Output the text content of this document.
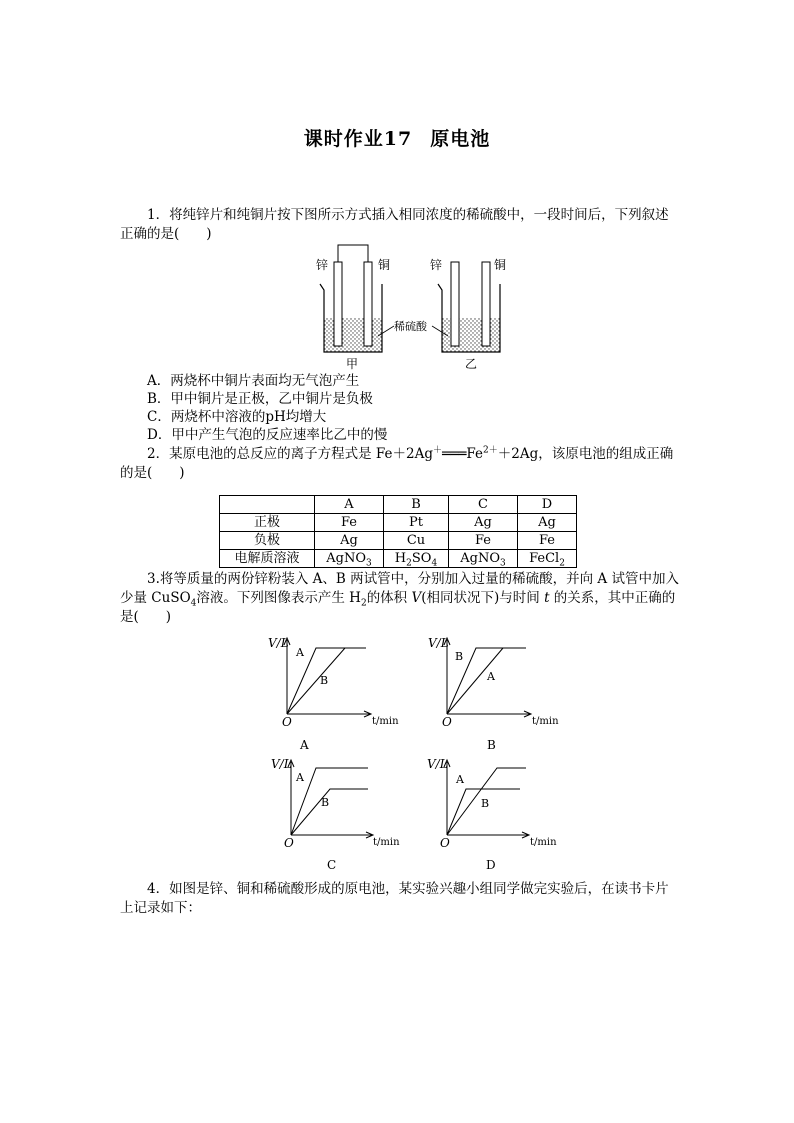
课时作业17 原电池
1．将纯锌片和纯铜片按下图所示方式插入相同浓度的稀硫酸中，一段时间后，下列叙述正确的是(　　)
锌	铜	锌	铜
稀硫酸
甲	乙
A．两烧杯中铜片表面均无气泡产生
B．甲中铜片是正极，乙中铜片是负极
C．两烧杯中溶液的pH均增大
D．甲中产生气泡的反应速率比乙中的慢
2．某原电池的总反应的离子方程式是 $Fe+2Ag^+═══Fe^{2+}+2Ag$，该原电池的组成正确的是(　　)
	A	B	C	D
正极	Fe	Pt	Ag	Ag
负极	Ag	Cu	Fe	Fe
电解质溶液	AgNO$_3$	$H_2SO_4$	AgNO$_3$	FeCl$_2$
3.将等质量的两份锌粉装入 A、B 两试管中，分别加入过量的稀硫酸，并向 A 试管中加入少量 CuSO$_4$溶液。下列图像表示产生 $H_2$的体积 V(相同状况下)与时间 t 的关系，其中正确的是(　　)
V/L
t/min
O
A
B
A
V/L
t/min
O
B
A
B
V/L
t/min
O
A
B
C
V/L
t/min
O
A
B
D
4．如图是锌、铜和稀硫酸形成的原电池，某实验兴趣小组同学做完实验后，在读书卡片上记录如下：
